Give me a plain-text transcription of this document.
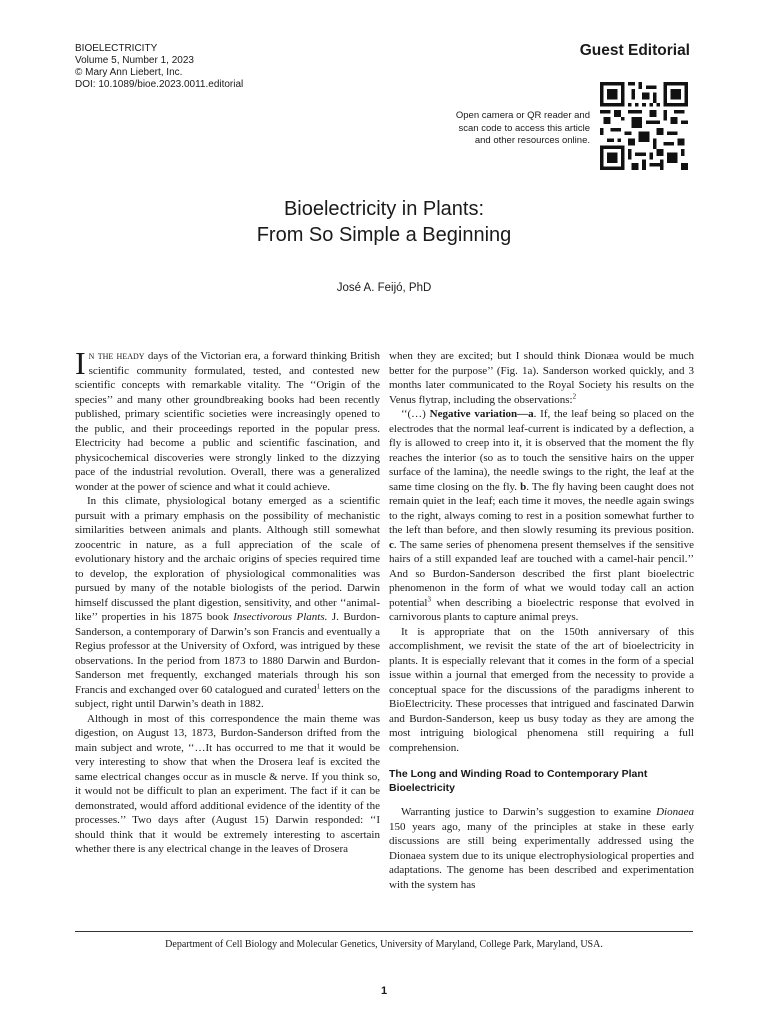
BIOELECTRICITY
Volume 5, Number 1, 2023
© Mary Ann Liebert, Inc.
DOI: 10.1089/bioe.2023.0011.editorial
Guest Editorial
Open camera or QR reader and
scan code to access this article
and other resources online.
Bioelectricity in Plants:
From So Simple a Beginning
José A. Feijó, PhD

In the heady days of the Victorian era, a forward thinking British scientific community formulated, tested, and contested new scientific concepts with remarkable vitality. The ‘‘Origin of the species’’ and many other groundbreaking books had been recently published, primary scientific societies were increasingly opened to the public, and their proceedings reported in the popular press. Electricity had become a public and scientific fascination, and physicochemical discoveries were strongly linked to the dizzying pace of the industrial revolution. Overall, there was a generalized wonder at the power of science and what it could achieve.

In this climate, physiological botany emerged as a scientific pursuit with a primary emphasis on the possibility of mechanistic similarities between animals and plants. Although still somewhat zoocentric in nature, as a full appreciation of the scale of evolutionary history and the archaic origins of species required time to develop, the exploration of physiological commonalities was pursued by many of the notable biologists of the period. Darwin himself discussed the plant digestion, sensitivity, and other ‘‘animal-like’’ properties in his 1875 book Insectivorous Plants. J. Burdon-Sanderson, a contemporary of Darwin’s son Francis and eventually a Regius professor at the University of Oxford, was intrigued by these observations. In the period from 1873 to 1880 Darwin and Burdon-Sanderson met frequently, exchanged materials through his son Francis and exchanged over 60 catalogued and curated$^1$ letters on the subject, right until Darwin’s death in 1882.

Although in most of this correspondence the main theme was digestion, on August 13, 1873, Burdon-Sanderson drifted from the main subject and wrote, ‘‘…It has occurred to me that it would be very interesting to show that when the Drosera leaf is excited the same electrical changes occur as in muscle & nerve. If you think so, it would not be difficult to plan an experiment. The fact if it can be demonstrated, would afford additional evidence of the identity of the processes.’’ Two days after (August 15) Darwin responded: ‘‘I should think that it would be extremely interesting to ascertain whether there is any electrical change in the leaves of Drosera

when they are excited; but I should think Dionæa would be much better for the purpose’’ (Fig. 1a). Sanderson worked quickly, and 3 months later communicated to the Royal Society his results on the Venus flytrap, including the observations:$^2$

‘‘(…) Negative variation—a. If, the leaf being so placed on the electrodes that the normal leaf-current is indicated by a deflection, a fly is allowed to creep into it, it is observed that the moment the fly reaches the interior (so as to touch the sensitive hairs on the upper surface of the lamina), the needle swings to the right, the leaf at the same time closing on the fly. b. The fly having been caught does not remain quiet in the leaf; each time it moves, the needle again swings to the right, always coming to rest in a position somewhat further to the left than before, and then slowly resuming its previous position. c. The same series of phenomena present themselves if the sensitive hairs of a still expanded leaf are touched with a camel-hair pencil.’’ And so Burdon-Sanderson described the first plant bioelectric phenomenon in the form of what we would today call an action potential$^3$ when describing a bioelectric response that evolved in carnivorous plants to capture animal preys.

It is appropriate that on the 150th anniversary of this accomplishment, we revisit the state of the art of bioelectricity in plants. It is especially relevant that it comes in the form of a special issue within a journal that emerged from the necessity to provide a conceptual space for the discussions of the paradigms inherent to BioElectricity. These processes that intrigued and fascinated Darwin and Burdon-Sanderson, keep us busy today as they are among the most intriguing biological phenomena still requiring a full comprehension.

The Long and Winding Road to Contemporary Plant Bioelectricity

Warranting justice to Darwin’s suggestion to examine Dionaea 150 years ago, many of the principles at stake in these early discussions are still being experimentally addressed using the Dionaea system due to its unique electrophysiological properties and adaptations. The genome has been described and experimentation with the system has

Department of Cell Biology and Molecular Genetics, University of Maryland, College Park, Maryland, USA.
1
